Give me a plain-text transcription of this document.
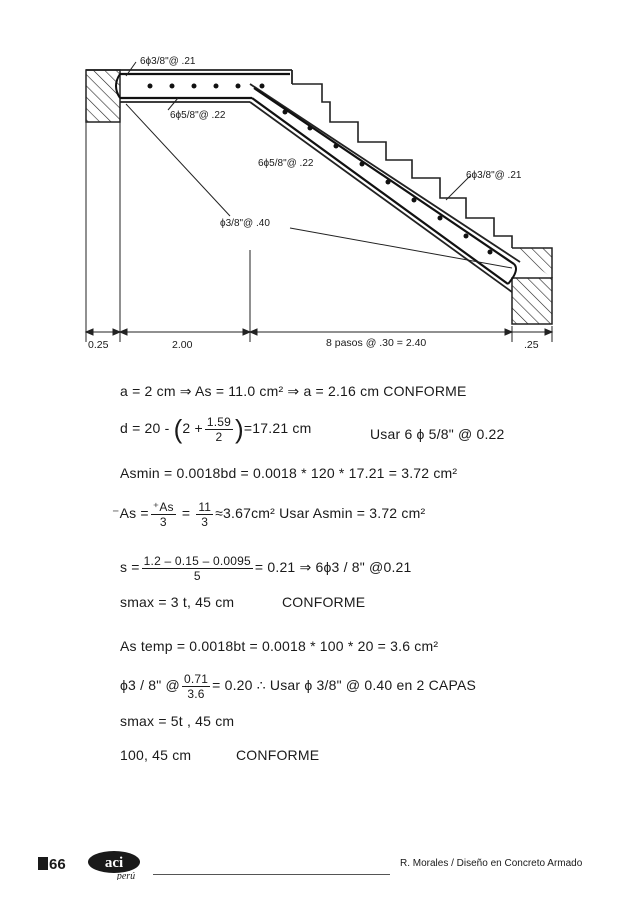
6ϕ3/8"@ .21
6ϕ5/8"@ .22
6ϕ5/8"@ .22
6ϕ3/8"@ .21
ϕ3/8"@ .40
0.25	2.00	8 pasos @ .30 = 2.40	.25
a = 2 cm ⇒ As = 11.0 cm² ⇒ a = 2.16 cm CONFORME
$d = 20 - (2 + \frac{1.59}{2} )=17.21$ cm	Usar 6 ϕ 5/8" @ 0.22
Asmin = 0.0018bd = 0.0018 * 120 * 17.21 = 3.72 cm²
$^-As = \frac{^+As}{3} = \frac{11}{3} \approx 3.67cm^2$ Usar Asmin = 3.72 cm²
$s = \frac{1.2 - 0.15 - 0.0095}{5} = 0.21$ ⇒ 6ϕ3 / 8" @0.21
smax = 3 t, 45 cm	CONFORME
As temp = 0.0018bt = 0.0018 * 100 * 20 = 3.6 cm²
ϕ3 / 8" @ $\frac{0.71}{3.6} = 0.20$ ∴ Usar ϕ 3/8" @ 0.40 en 2 CAPAS
smax = 5t , 45 cm
100, 45 cm	CONFORME
66	aci
perú
R. Morales / Diseño en Concreto Armado
